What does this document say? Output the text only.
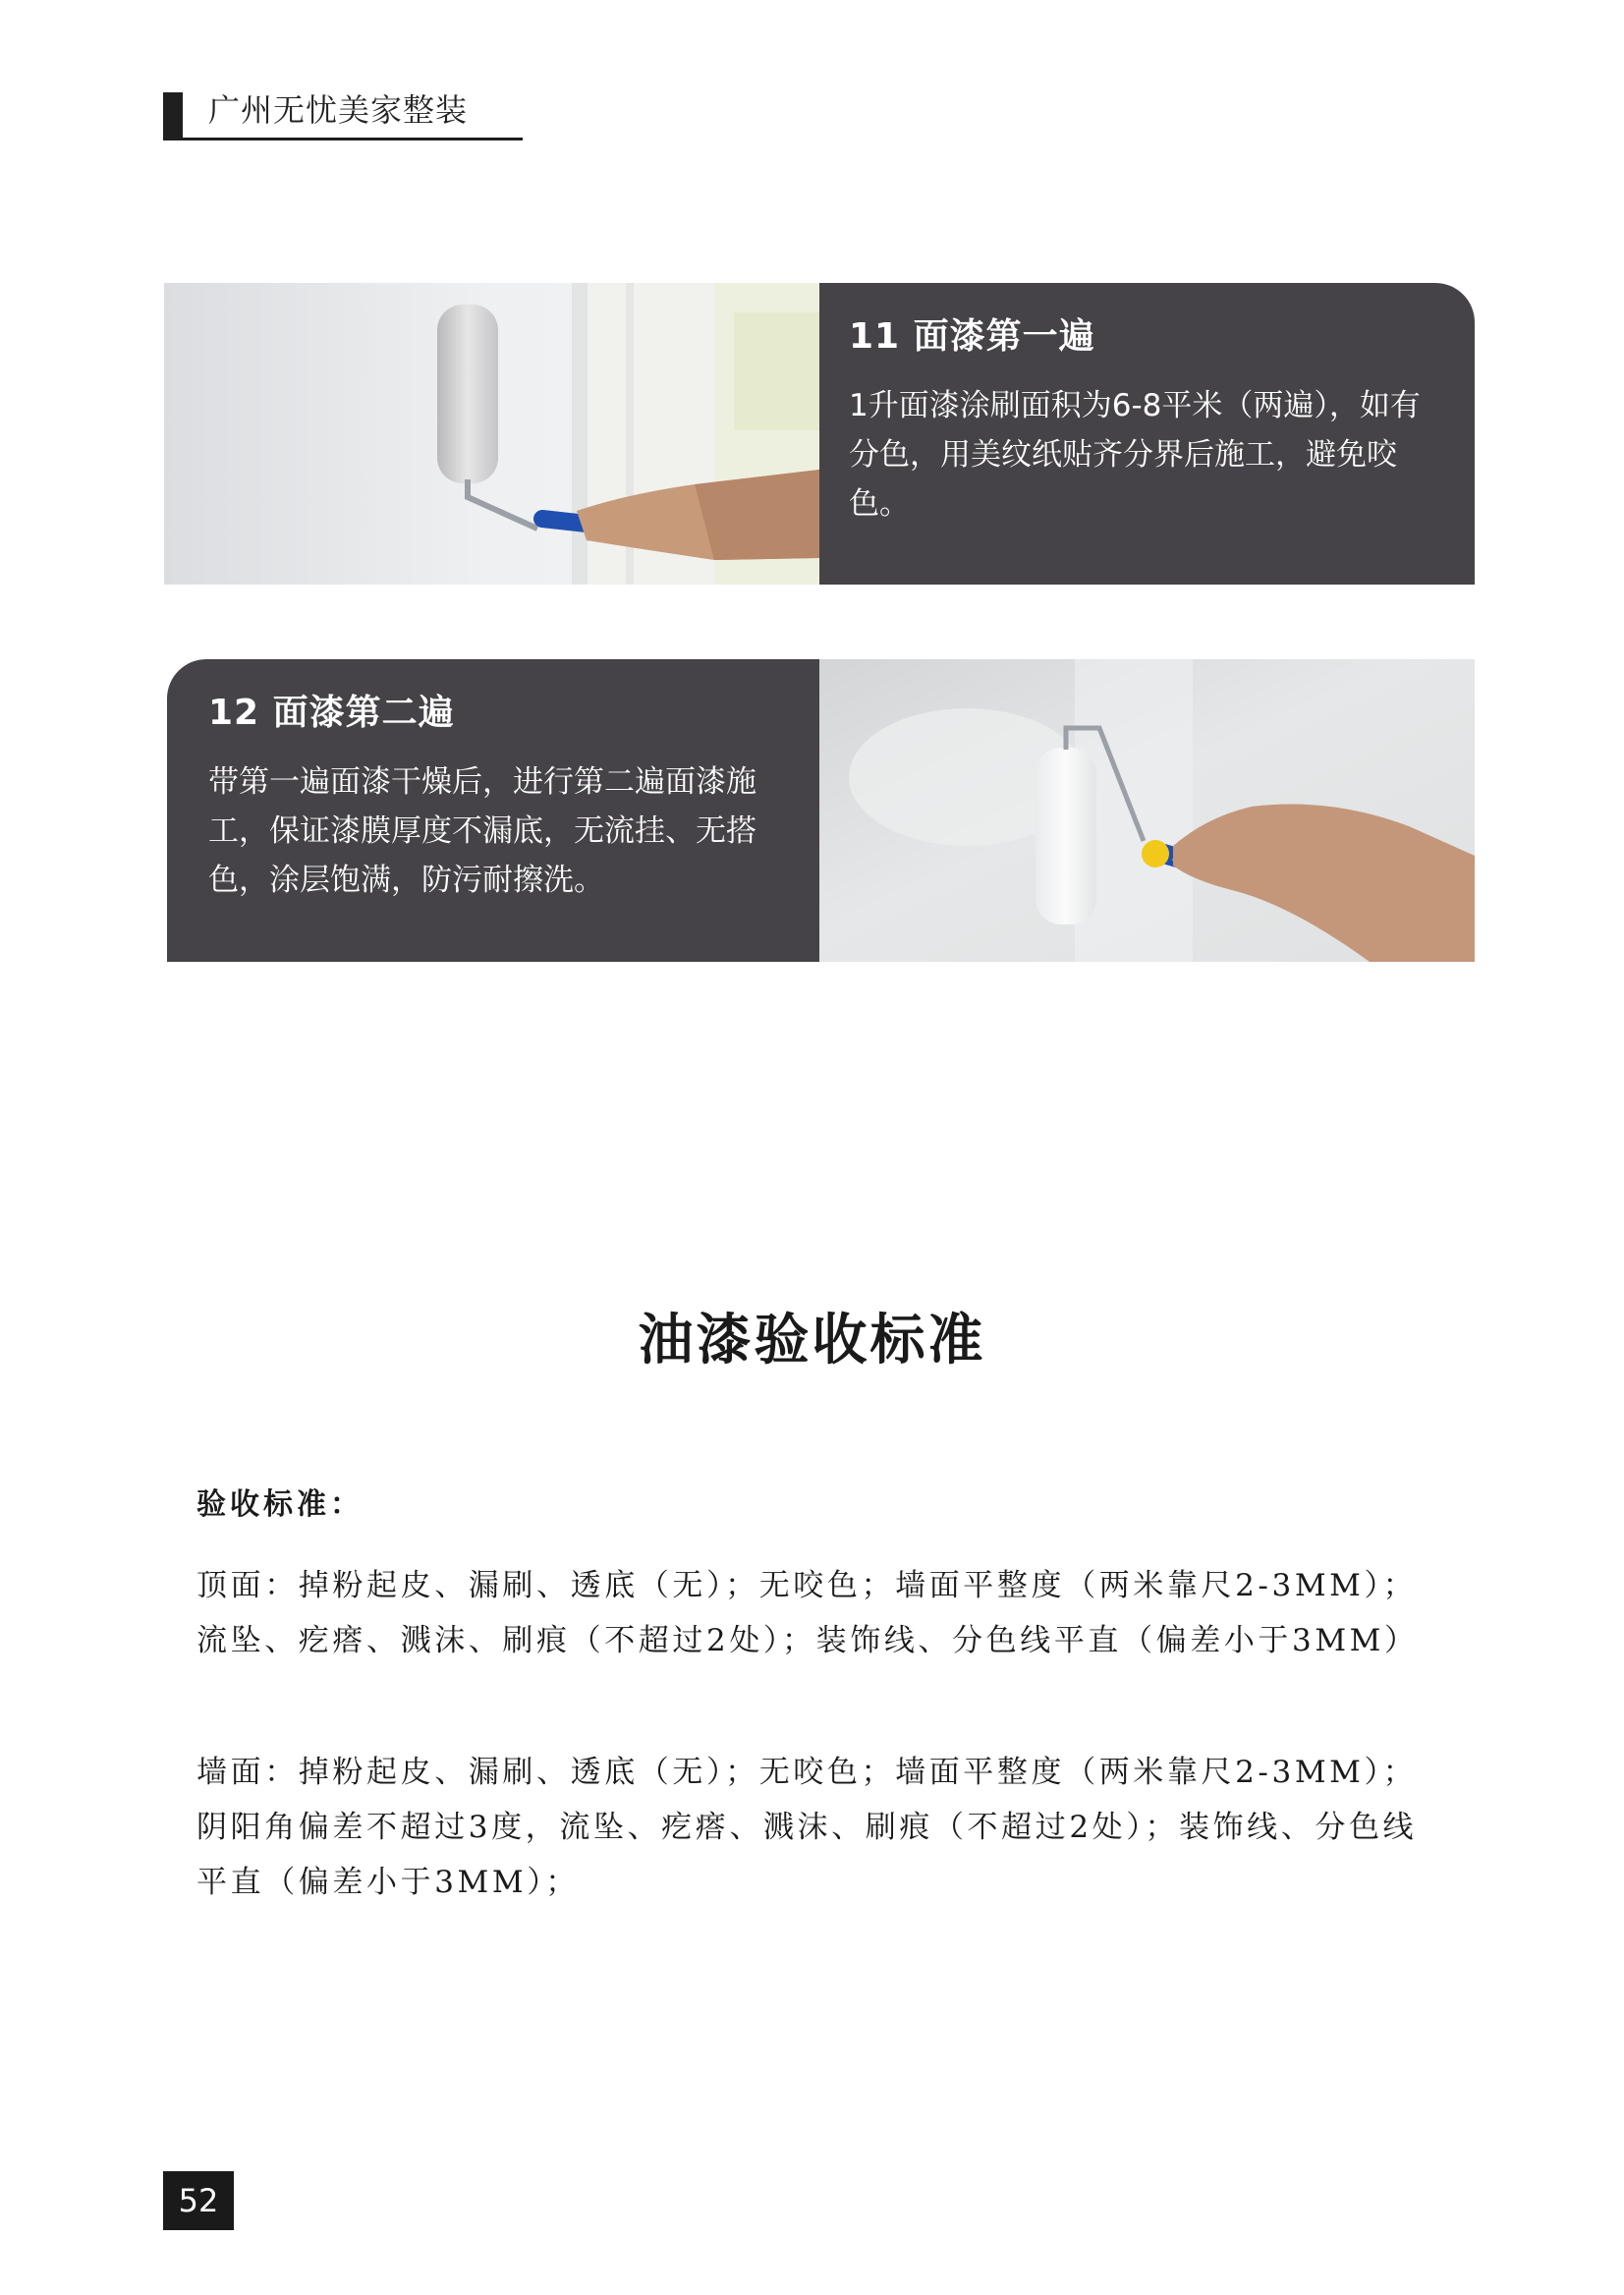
广州无忧美家整装
11 面漆第一遍

1升面漆涂刷面积为6-8平米（两遍），如有分色，用美纹纸贴齐分界后施工，避免咬色。

12 面漆第二遍

带第一遍面漆干燥后，进行第二遍面漆施工，保证漆膜厚度不漏底，无流挂、无搭色，涂层饱满，防污耐擦洗。

油漆验收标准
验收标准：

顶面：掉粉起皮、漏刷、透底（无）；无咬色；墙面平整度（两米靠尺2-3MM）；流坠、疙瘩、溅沫、刷痕（不超过2处）；装饰线、分色线平直（偏差小于3MM）

墙面：掉粉起皮、漏刷、透底（无）；无咬色；墙面平整度（两米靠尺2-3MM）；阴阳角偏差不超过3度，流坠、疙瘩、溅沫、刷痕（不超过2处）；装饰线、分色线平直（偏差小于3MM）；

52
